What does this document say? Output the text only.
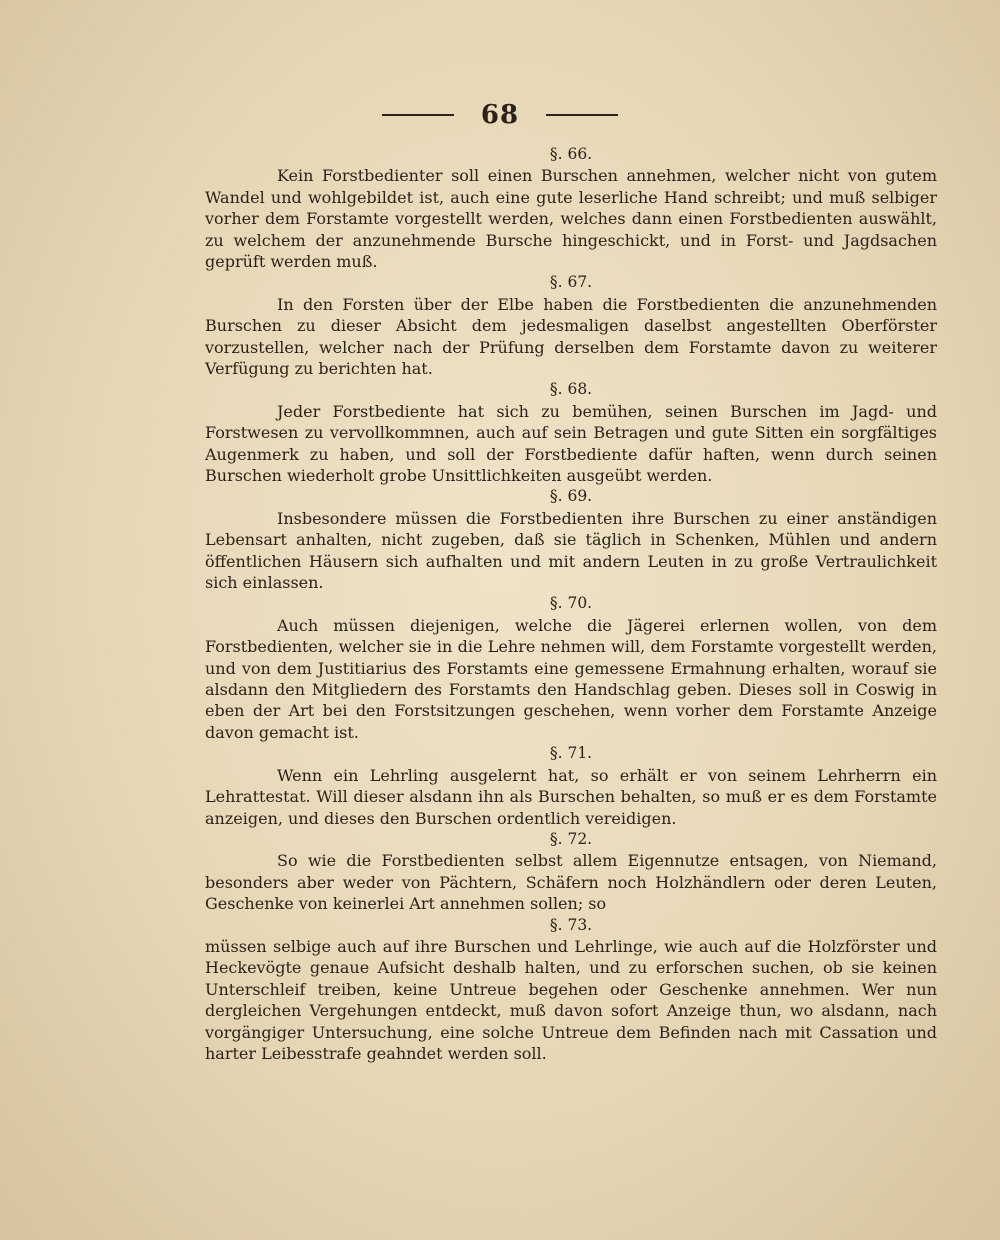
68

§. 66.

Kein Forstbedienter soll einen Burschen annehmen, welcher nicht von gutem Wandel und wohlgebildet ist, auch eine gute leserliche Hand schreibt; und muß selbiger vorher dem Forstamte vorgestellt werden, welches dann einen Forstbedienten auswählt, zu welchem der anzunehmende Bursche hingeschickt, und in Forst- und Jagdsachen geprüft werden muß.

§. 67.

In den Forsten über der Elbe haben die Forstbedienten die anzunehmenden Burschen zu dieser Absicht dem jedesmaligen daselbst angestellten Oberförster vorzustellen, welcher nach der Prüfung derselben dem Forstamte davon zu weiterer Verfügung zu berichten hat.

§. 68.

Jeder Forstbediente hat sich zu bemühen, seinen Burschen im Jagd- und Forstwesen zu vervollkommnen, auch auf sein Betragen und gute Sitten ein sorgfältiges Augenmerk zu haben, und soll der Forstbediente dafür haften, wenn durch seinen Burschen wiederholt grobe Unsittlichkeiten ausgeübt werden.

§. 69.

Insbesondere müssen die Forstbedienten ihre Burschen zu einer anständigen Lebensart anhalten, nicht zugeben, daß sie täglich in Schenken, Mühlen und andern öffentlichen Häusern sich aufhalten und mit andern Leuten in zu große Vertraulichkeit sich einlassen.

§. 70.

Auch müssen diejenigen, welche die Jägerei erlernen wollen, von dem Forstbedienten, welcher sie in die Lehre nehmen will, dem Forstamte vorgestellt werden, und von dem Justitiarius des Forstamts eine gemessene Ermahnung erhalten, worauf sie alsdann den Mitgliedern des Forstamts den Handschlag geben. Dieses soll in Coswig in eben der Art bei den Forstsitzungen geschehen, wenn vorher dem Forstamte Anzeige davon gemacht ist.

§. 71.

Wenn ein Lehrling ausgelernt hat, so erhält er von seinem Lehrherrn ein Lehrattestat. Will dieser alsdann ihn als Burschen behalten, so muß er es dem Forstamte anzeigen, und dieses den Burschen ordentlich vereidigen.

§. 72.

So wie die Forstbedienten selbst allem Eigennutze entsagen, von Niemand, besonders aber weder von Pächtern, Schäfern noch Holzhändlern oder deren Leuten, Geschenke von keinerlei Art annehmen sollen; so

§. 73.

müssen selbige auch auf ihre Burschen und Lehrlinge, wie auch auf die Holzförster und Heckevögte genaue Aufsicht deshalb halten, und zu erforschen suchen, ob sie keinen Unterschleif treiben, keine Untreue begehen oder Geschenke annehmen. Wer nun dergleichen Vergehungen entdeckt, muß davon sofort Anzeige thun, wo alsdann, nach vorgängiger Untersuchung, eine solche Untreue dem Befinden nach mit Cassation und harter Leibesstrafe geahndet werden soll.
